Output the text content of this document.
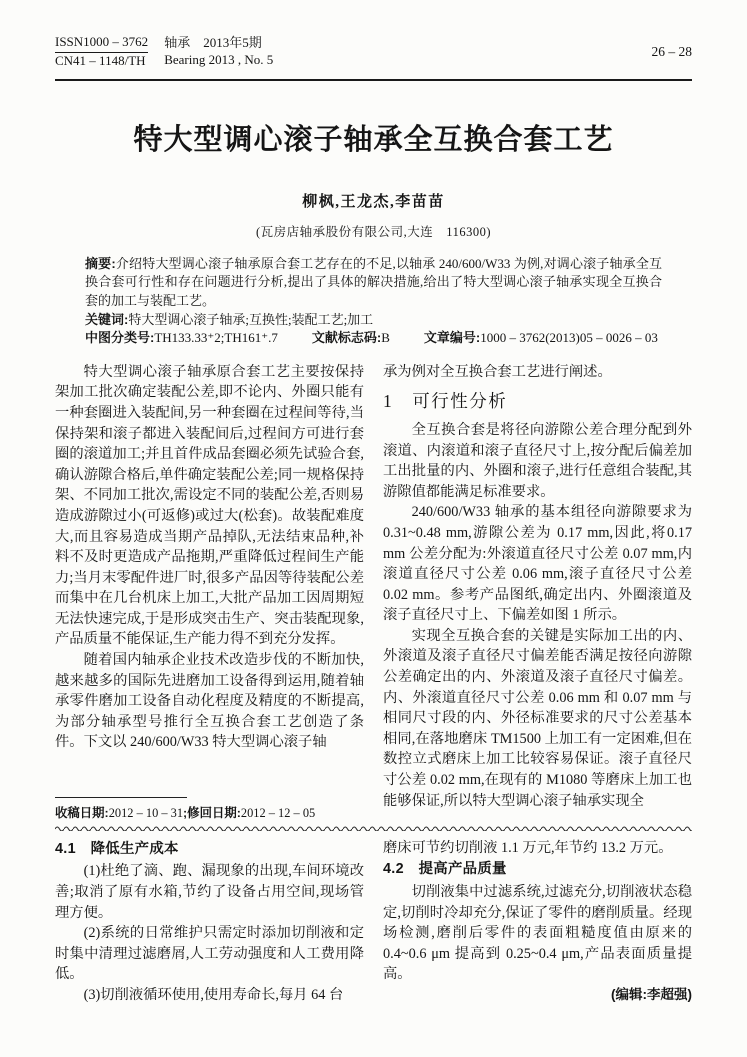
ISSN1000 – 3762
CN41 – 1148/TH
轴承　2013年5期
Bearing 2013 , No. 5
26 – 28
特大型调心滚子轴承全互换合套工艺
柳枫,王龙杰,李苗苗
(瓦房店轴承股份有限公司,大连　116300)

摘要:介绍特大型调心滚子轴承原合套工艺存在的不足,以轴承 240/600/W33 为例,对调心滚子轴承全互换合套可行性和存在问题进行分析,提出了具体的解决措施,给出了特大型调心滚子轴承实现全互换合套的加工与装配工艺。

关键词:特大型调心滚子轴承;互换性;装配工艺;加工

中图分类号:TH133.33⁺2;TH161⁺.7	文献标志码:B	文章编号:1000 – 3762(2013)05 – 0026 – 03

特大型调心滚子轴承原合套工艺主要按保持架加工批次确定装配公差,即不论内、外圈只能有一种套圈进入装配间,另一种套圈在过程间等待,当保持架和滚子都进入装配间后,过程间方可进行套圈的滚道加工;并且首件成品套圈必须先试验合套,确认游隙合格后,单件确定装配公差;同一规格保持架、不同加工批次,需设定不同的装配公差,否则易造成游隙过小(可返修)或过大(松套)。故装配难度大,而且容易造成当期产品掉队,无法结束品种,补料不及时更造成产品拖期,严重降低过程间生产能力;当月末零配件进厂时,很多产品因等待装配公差而集中在几台机床上加工,大批产品加工因周期短无法快速完成,于是形成突击生产、突击装配现象,产品质量不能保证,生产能力得不到充分发挥。

随着国内轴承企业技术改造步伐的不断加快,越来越多的国际先进磨加工设备得到运用,随着轴承零件磨加工设备自动化程度及精度的不断提高,为部分轴承型号推行全互换合套工艺创造了条件。下文以 240/600/W33 特大型调心滚子轴

收稿日期:2012 – 10 – 31;修回日期:2012 – 12 – 05

承为例对全互换合套工艺进行阐述。

1　可行性分析

全互换合套是将径向游隙公差合理分配到外滚道、内滚道和滚子直径尺寸上,按分配后偏差加工出批量的内、外圈和滚子,进行任意组合装配,其游隙值都能满足标准要求。

240/600/W33 轴承的基本组径向游隙要求为 0.31~0.48 mm,游隙公差为 0.17 mm,因此,将0.17 mm 公差分配为:外滚道直径尺寸公差 0.07 mm,内滚道直径尺寸公差 0.06 mm,滚子直径尺寸公差 0.02 mm。参考产品图纸,确定出内、外圈滚道及滚子直径尺寸上、下偏差如图 1 所示。

实现全互换合套的关键是实际加工出的内、外滚道及滚子直径尺寸偏差能否满足按径向游隙公差确定出的内、外滚道及滚子直径尺寸偏差。内、外滚道直径尺寸公差 0.06 mm 和 0.07 mm 与相同尺寸段的内、外径标准要求的尺寸公差基本相同,在落地磨床 TM1500 上加工有一定困难,但在数控立式磨床上加工比较容易保证。滚子直径尺寸公差 0.02 mm,在现有的 M1080 等磨床上加工也能够保证,所以特大型调心滚子轴承实现全

4.1　降低生产成本

(1)杜绝了滴、跑、漏现象的出现,车间环境改善;取消了原有水箱,节约了设备占用空间,现场管理方便。

(2)系统的日常维护只需定时添加切削液和定时集中清理过滤磨屑,人工劳动强度和人工费用降低。

(3)切削液循环使用,使用寿命长,每月 64 台

磨床可节约切削液 1.1 万元,年节约 13.2 万元。

4.2　提高产品质量

切削液集中过滤系统,过滤充分,切削液状态稳定,切削时冷却充分,保证了零件的磨削质量。经现场检测,磨削后零件的表面粗糙度值由原来的 0.4~0.6 μm 提高到 0.25~0.4 μm,产品表面质量提高。

(编辑:李超强)
